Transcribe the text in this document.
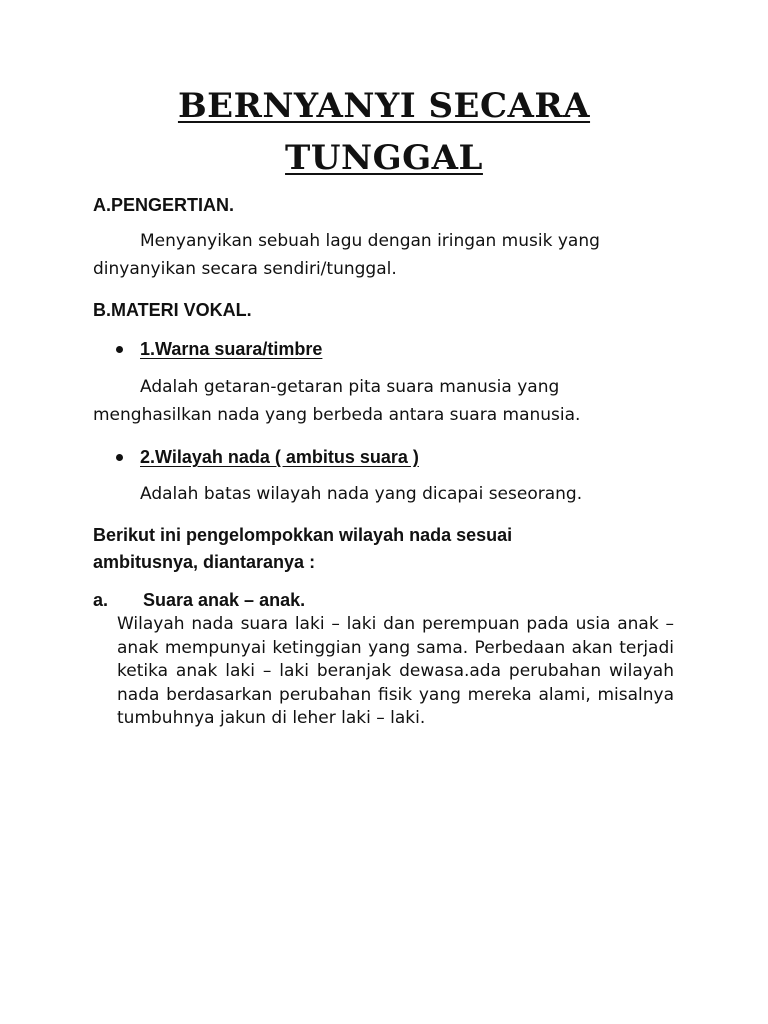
BERNYANYI SECARA
TUNGGAL
A.PENGERTIAN.
Menyanyikan sebuah lagu dengan iringan musik yang
dinyanyikan secara sendiri/tunggal.
B.MATERI VOKAL.
1.Warna suara/timbre
Adalah getaran-getaran pita suara manusia yang
menghasilkan nada yang berbeda antara suara manusia.
2.Wilayah nada ( ambitus suara )
Adalah batas wilayah nada yang dicapai seseorang.
Berikut ini pengelompokkan wilayah nada sesuai
ambitusnya, diantaranya :
a. Suara anak – anak.
Wilayah nada suara laki – laki dan perempuan pada usia anak – anak mempunyai ketinggian yang sama. Perbedaan akan terjadi ketika anak laki – laki beranjak dewasa.ada perubahan wilayah nada berdasarkan perubahan fisik yang mereka alami, misalnya tumbuhnya jakun di leher laki – laki.
